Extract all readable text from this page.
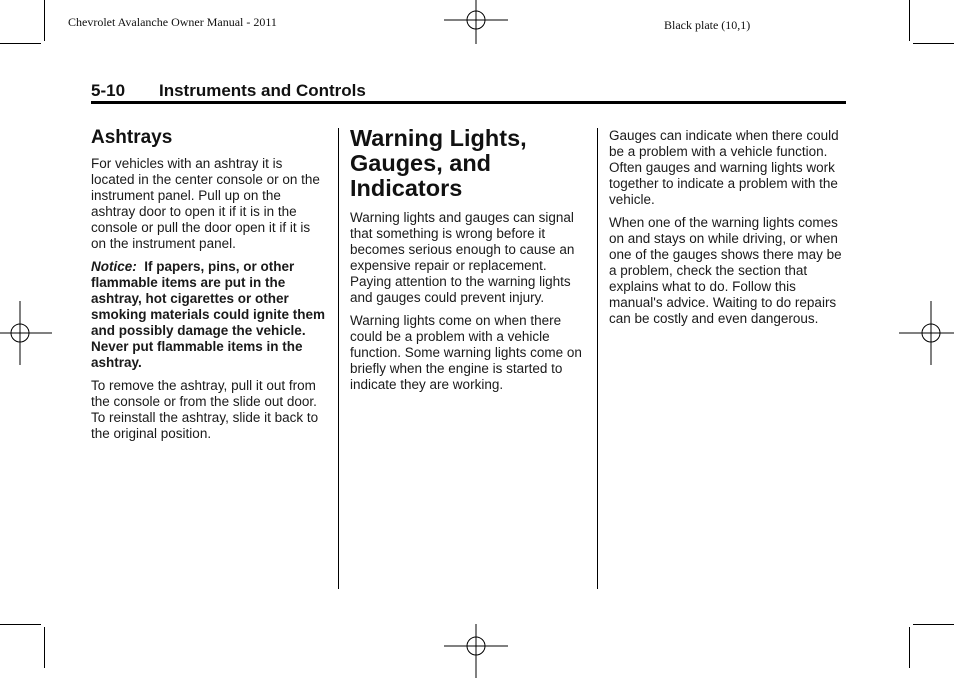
Chevrolet Avalanche Owner Manual - 2011	Black plate (10,1)
5-10 Instruments and Controls
Ashtrays

For vehicles with an ashtray it is located in the center console or on the instrument panel. Pull up on the ashtray door to open it if it is in the console or pull the door open it if it is on the instrument panel.

Notice: If papers, pins, or other flammable items are put in the ashtray, hot cigarettes or other smoking materials could ignite them and possibly damage the vehicle. Never put flammable items in the ashtray.

To remove the ashtray, pull it out from the console or from the slide out door. To reinstall the ashtray, slide it back to the original position.

Warning Lights, Gauges, and Indicators

Warning lights and gauges can signal that something is wrong before it becomes serious enough to cause an expensive repair or replacement. Paying attention to the warning lights and gauges could prevent injury.

Warning lights come on when there could be a problem with a vehicle function. Some warning lights come on briefly when the engine is started to indicate they are working.

Gauges can indicate when there could be a problem with a vehicle function. Often gauges and warning lights work together to indicate a problem with the vehicle.

When one of the warning lights comes on and stays on while driving, or when one of the gauges shows there may be a problem, check the section that explains what to do. Follow this manual's advice. Waiting to do repairs can be costly and even dangerous.
